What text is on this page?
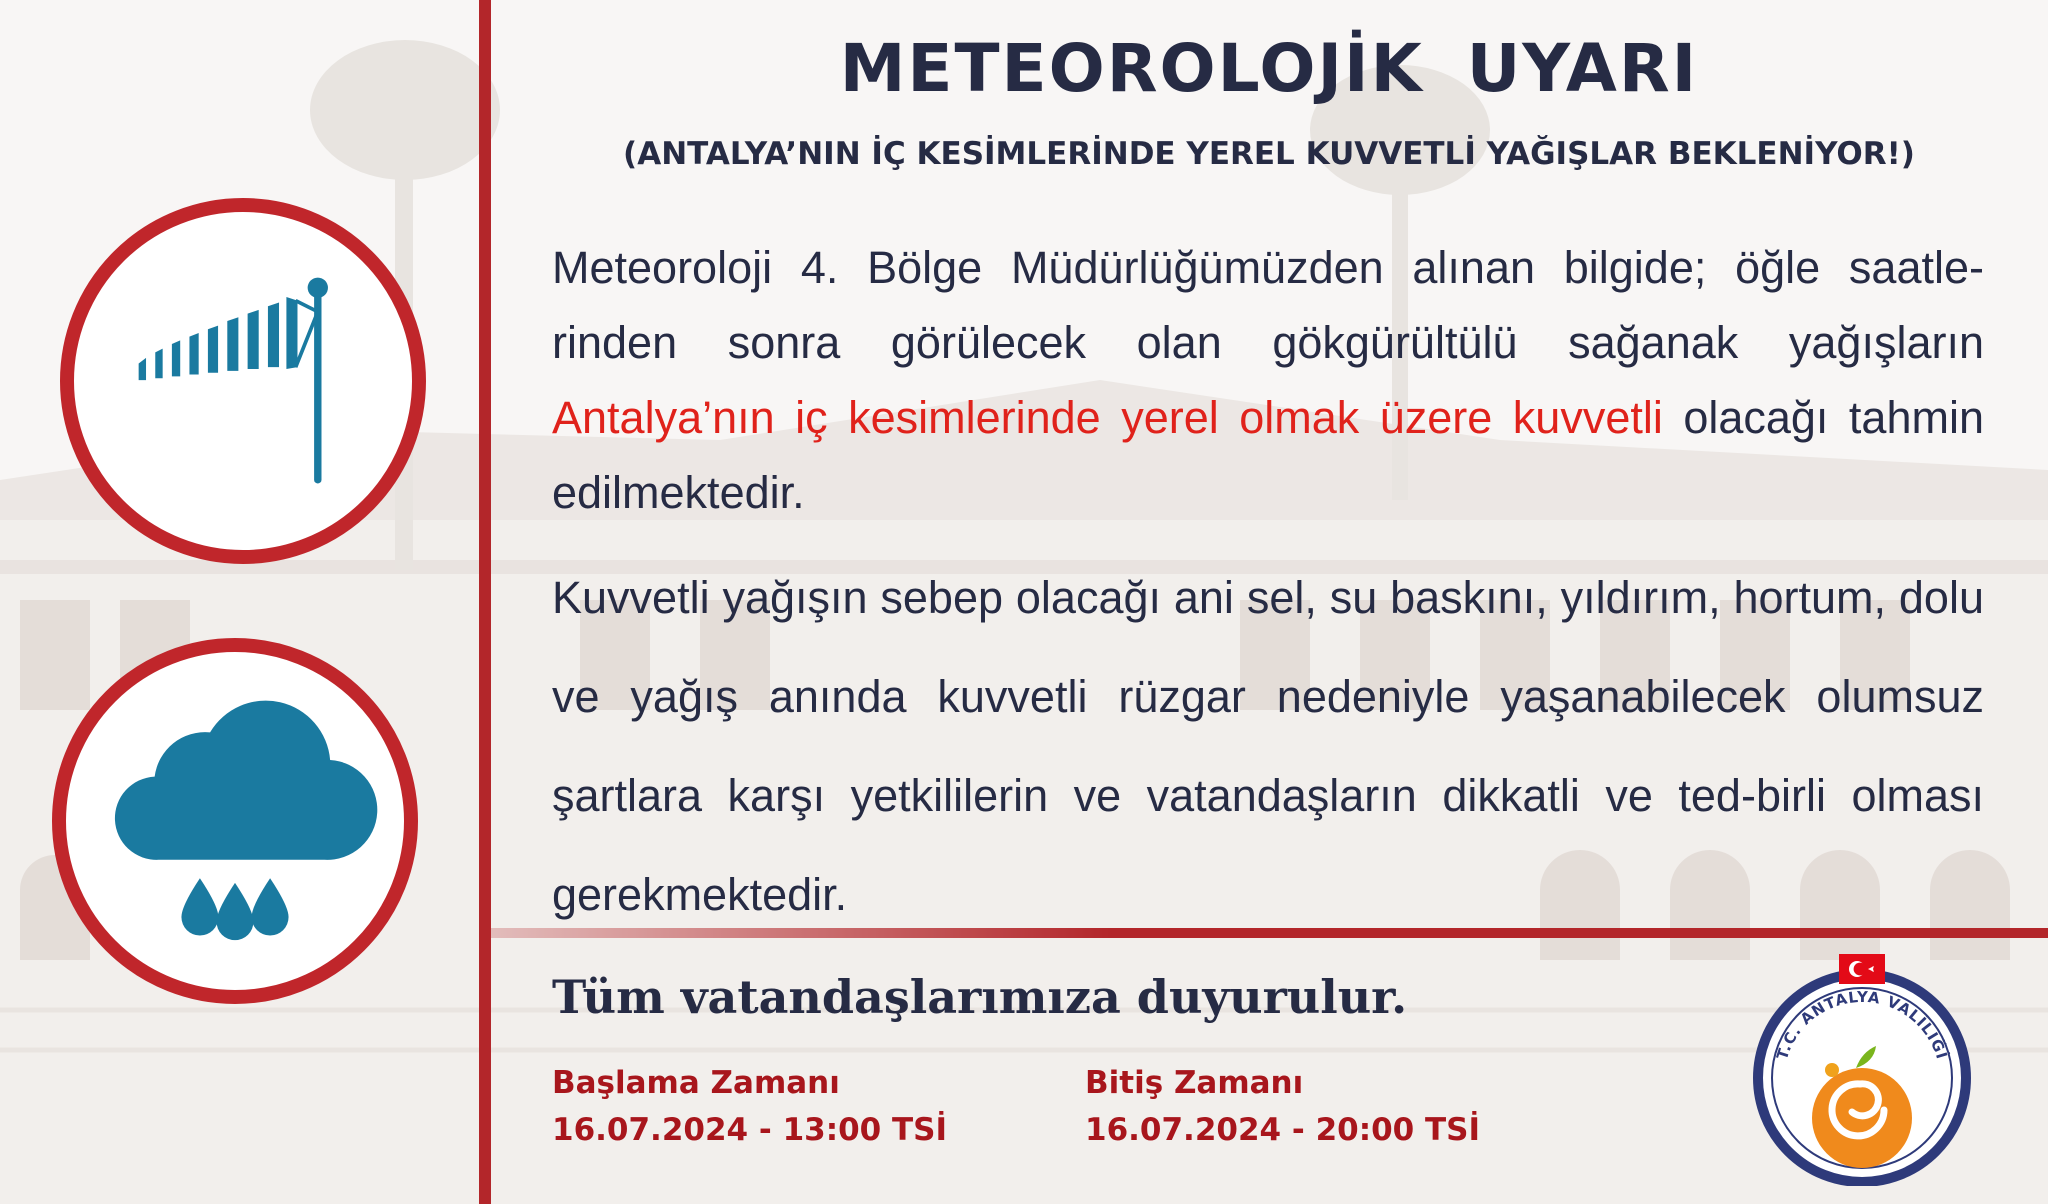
METEOROLOJİK UYARI
(ANTALYA’NIN İÇ KESİMLERİNDE YEREL KUVVETLİ YAĞIŞLAR BEKLENİYOR!)
Meteoroloji 4. Bölge Müdürlüğümüzden alınan bilgide; öğle saatle-rinden sonra görülecek olan gökgürültülü sağanak yağışların Antalya’nın iç kesimlerinde yerel olmak üzere kuvvetli olacağı tahmin edilmektedir.
Kuvvetli yağışın sebep olacağı ani sel, su baskını, yıldırım, hortum, dolu ve yağış anında kuvvetli rüzgar nedeniyle yaşanabilecek olumsuz şartlara karşı yetkililerin ve vatandaşların dikkatli ve ted-birli olması gerekmektedir.
Tüm vatandaşlarımıza duyurulur.
Başlama Zamanı
16.07.2024 - 13:00 TSİ
Bitiş Zamanı
16.07.2024 - 20:00 TSİ
T.C. ANTALYA VALİLİĞİ
